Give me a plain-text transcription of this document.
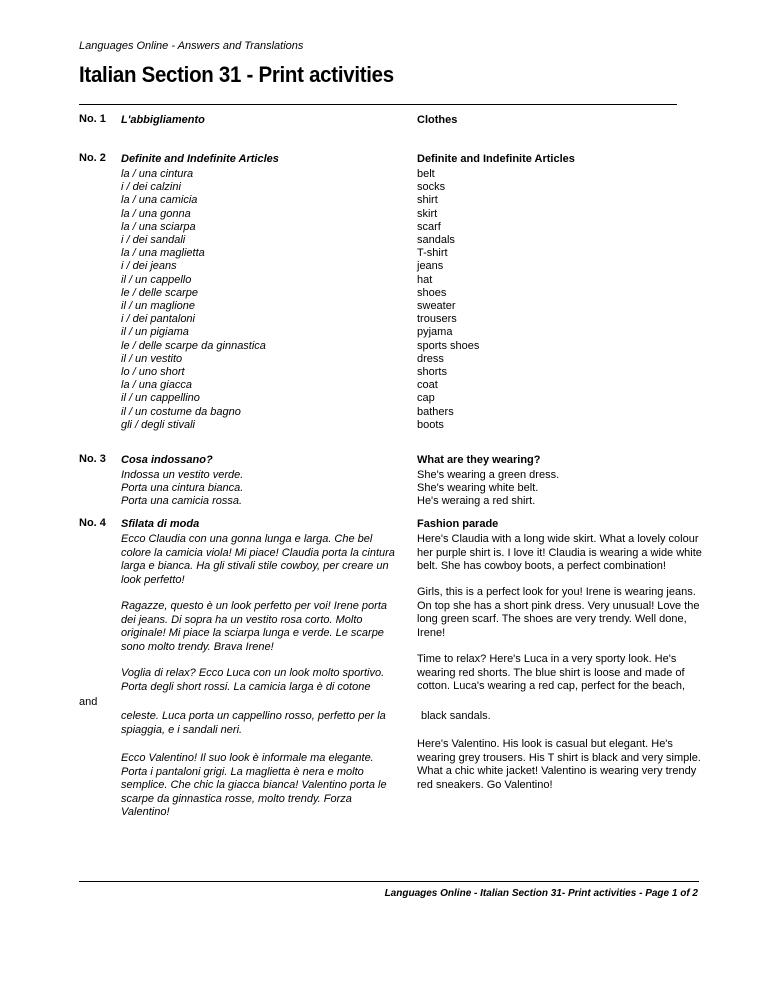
Languages Online - Answers and Translations
Italian Section 31 - Print activities
No. 1 L'abbigliamento	Clothes
No. 2 Definite and Indefinite Articles
la / una cintura
i / dei calzini
la / una camicia
la / una gonna
la / una sciarpa
i / dei sandali
la / una maglietta
i / dei jeans
il / un cappello
le / delle scarpe
il / un maglione
i / dei pantaloni
il / un pigiama
le / delle scarpe da ginnastica
il / un vestito
lo / uno short
la / una giacca
il / un cappellino
il / un costume da bagno
gli / degli stivali
Definite and Indefinite Articles
belt
socks
shirt
skirt
scarf
sandals
T-shirt
jeans
hat
shoes
sweater
trousers
pyjama
sports shoes
dress
shorts
coat
cap
bathers
boots
No. 3 Cosa indossano?
Indossa un vestito verde.
Porta una cintura bianca.
Porta una camicia rossa.
What are they wearing?
She's wearing a green dress.
She's wearing white belt.
He's weraing a red shirt.
No. 4 Sfilata di moda	Fashion parade

Ecco Claudia con una gonna lunga e larga. Che bel colore la camicia viola! Mi piace! Claudia porta la cintura larga e bianca. Ha gli stivali stile cowboy, per creare un look perfetto!

Ragazze, questo è un look perfetto per voi! Irene porta dei jeans. Di sopra ha un vestito rosa corto. Molto originale! Mi piace la sciarpa lunga e verde. Le scarpe sono molto trendy. Brava Irene!

Voglia di relax? Ecco Luca con un look molto sportivo. Porta degli short rossi. La camicia larga è di cotone

celeste. Luca porta un cappellino rosso, perfetto per la spiaggia, e i sandali neri.

Ecco Valentino! Il suo look è informale ma elegante. Porta i pantaloni grigi. La maglietta è nera e molto semplice. Che chic la giacca bianca! Valentino porta le scarpe da ginnastica rosse, molto trendy. Forza Valentino!

Here's Claudia with a long wide skirt. What a lovely colour her purple shirt is. I love it! Claudia is wearing a wide white belt. She has cowboy boots, a perfect combination!

Girls, this is a perfect look for you! Irene is wearing jeans. On top she has a short pink dress. Very unusual! Love the long green scarf. The shoes are very trendy. Well done, Irene!

Time to relax? Here's Luca in a very sporty look. He's wearing red shorts. The blue shirt is loose and made of cotton. Luca's wearing a red cap, perfect for the beach,

black sandals.

Here's Valentino. His look is casual but elegant. He's wearing grey trousers. His T shirt is black and very simple. What a chic white jacket! Valentino is wearing very trendy red sneakers. Go Valentino!

and
Languages Online - Italian Section 31- Print activities - Page 1 of 2
